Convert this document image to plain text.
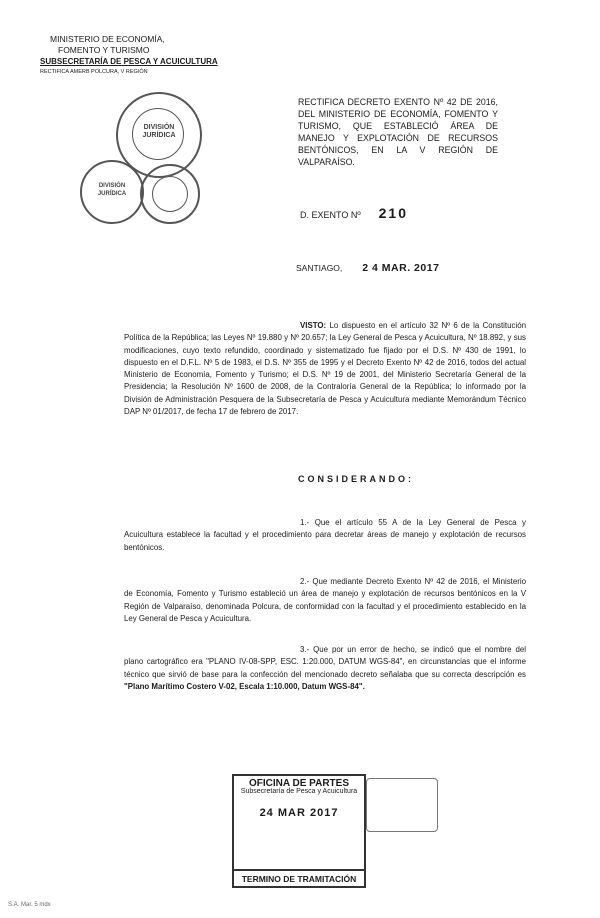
MINISTERIO DE ECONOMÍA,
FOMENTO Y TURISMO
SUBSECRETARÍA DE PESCA Y ACUICULTURA
RECTIFICA AMERB POLCURA, V REGIÓN
DIVISIÓN
JURÍDICA
DIVISIÓN
JURÍDICA
RECTIFICA DECRETO EXENTO Nº 42 DE 2016, DEL MINISTERIO DE ECONOMÍA, FOMENTO Y TURISMO, QUE ESTABLECIÓ ÁREA DE MANEJO Y EXPLOTACIÓN DE RECURSOS BENTÓNICOS, EN LA V REGIÓN DE VALPARAÍSO.
D. EXENTO Nº 210
SANTIAGO, 2 4 MAR. 2017
VISTO: Lo dispuesto en el artículo 32 Nº 6 de la Constitución Política de la República; las Leyes Nº 19.880 y Nº 20.657; la Ley General de Pesca y Acuicultura, Nº 18.892, y sus modificaciones, cuyo texto refundido, coordinado y sistematizado fue fijado por el D.S. Nº 430 de 1991, lo dispuesto en el D.F.L. Nº 5 de 1983, el D.S. Nº 355 de 1995 y el Decreto Exento Nº 42 de 2016, todos del actual Ministerio de Economía, Fomento y Turismo; el D.S. Nº 19 de 2001, del Ministerio Secretaría General de la Presidencia; la Resolución Nº 1600 de 2008, de la Contraloría General de la República; lo informado por la División de Administración Pesquera de la Subsecretaría de Pesca y Acuicultura mediante Memorándum Técnico DAP Nº 01/2017, de fecha 17 de febrero de 2017.
CONSIDERANDO:
1.- Que el artículo 55 A de la Ley General de Pesca y Acuicultura establece la facultad y el procedimiento para decretar áreas de manejo y explotación de recursos bentónicos.
2.- Que mediante Decreto Exento Nº 42 de 2016, el Ministerio de Economía, Fomento y Turismo estableció un área de manejo y explotación de recursos bentónicos en la V Región de Valparaíso, denominada Polcura, de conformidad con la facultad y el procedimiento establecido en la Ley General de Pesca y Acuicultura.
3.- Que por un error de hecho, se indicó que el nombre del plano cartográfico era "PLANO IV-08-SPP, ESC. 1:20.000, DATUM WGS-84", en circunstancias que el informe técnico que sirvió de base para la confección del mencionado decreto señalaba que su correcta descripción es "Plano Marítimo Costero V-02, Escala 1:10.000, Datum WGS-84".
OFICINA DE PARTES
Subsecretaría de Pesca y Acuicultura
24 MAR 2017
TERMINO DE TRAMITACIÓN
S.A. Mar. 5 mdx
